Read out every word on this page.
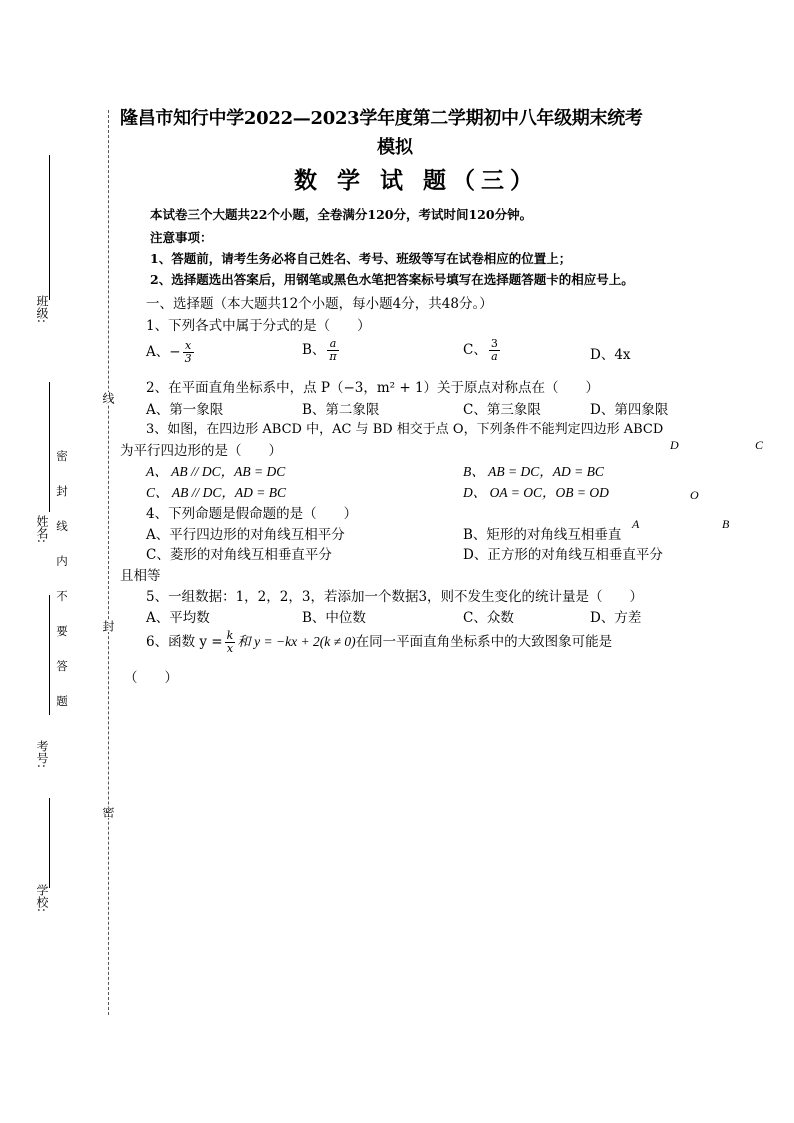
班级:
姓名:
考号:
学校:
密　封　线　内　不　要　答　题
线
封
密
隆昌市知行中学2022—2023学年度第二学期初中八年级期末统考
模拟
数 学 试 题（三）
本试卷三个大题共22个小题，全卷满分120分，考试时间120分钟。
注意事项：
1、答题前，请考生务必将自己姓名、考号、班级等写在试卷相应的位置上；
2、选择题选出答案后，用钢笔或黑色水笔把答案标号填写在选择题答题卡的相应号上。
一、选择题（本大题共12个小题，每小题4分，共48分。）
1、下列各式中属于分式的是（　　）
A、− $\frac{x}{3}$	B、 $\frac{a}{\pi}$	C、 $\frac{3}{a}$	D、4x
2、在平面直角坐标系中，点 P（−3，m² + 1）关于原点对称点在（　　）
A、第一象限	B、第二象限	C、第三象限	D、第四象限
3、如图，在四边形 ABCD 中，AC 与 BD 相交于点 O，下列条件不能判定四边形 ABCD
为平行四边形的是（　　）
A、 AB // DC，AB = DC	B、 AB = DC，AD = BC
C、 AB // DC，AD = BC	D、 OA = OC，OB = OD
D	C
O
A	B
4、下列命题是假命题的是（　　）
A、平行四边形的对角线互相平分	B、矩形的对角线互相垂直
C、菱形的对角线互相垂直平分	D、正方形的对角线互相垂直平分
且相等
5、一组数据：1，2，2，3，若添加一个数据3，则不发生变化的统计量是（　　）
A、平均数	B、中位数	C、众数	D、方差
6、函数 $y = \frac{k}{x}$ 和 y = −kx + 2(k ≠ 0)在同一平面直角坐标系中的大致图象可能是
（　　）
